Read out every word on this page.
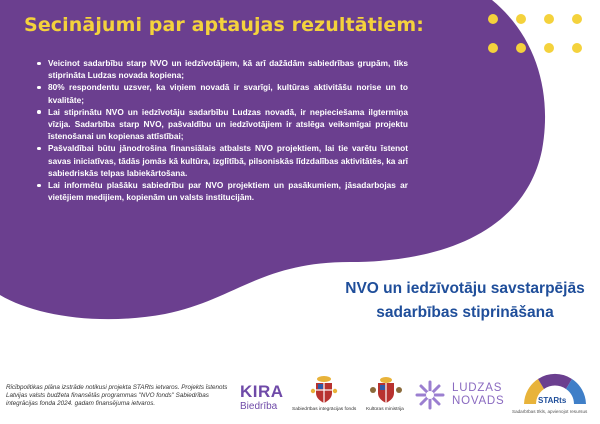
Secinājumi par aptaujas rezultātiem:
Veicinot sadarbību starp NVO un iedzīvotājiem, kā arī dažādām sabiedrības grupām, tiks stiprināta Ludzas novada kopiena;
80% respondentu uzsver, ka viņiem novadā ir svarīgi, kultūras aktivitāšu norise un to kvalitāte;
Lai stiprinātu NVO un iedzīvotāju sadarbību Ludzas novadā, ir nepieciešama ilgtermiņa vīzija. Sadarbība starp NVO, pašvaldību un iedzīvotājiem ir atslēga veiksmīgai projektu īstenošanai un kopienas attīstībai;
Pašvaldībai būtu jānodrošina finansiālais atbalsts NVO projektiem, lai tie varētu īstenot savas iniciatīvas, tādās jomās kā kultūra, izglītībā, pilsoniskās līdzdalības aktivitātēs, ka arī sabiedriskās telpas labiekārtošana.
Lai informētu plašāku sabiedrību par NVO projektiem un pasākumiem, jāsadarbojas ar vietējiem medijiem, kopienām un valsts institucijām.
NVO un iedzīvotāju savstarpējās sadarbības stiprināšana
Rīcībpolitikas plāna izstrāde notikusi projekta STARts ietvaros. Projekts īstenots Latvijas valsts budžeta finansētās programmas "NVO fonds" Sabiedrības integrācijas fonda 2024. gadam finansējuma ietvaros.
KIRA
Biedrība	Sabiedrības integrācijas fonds Kultūras ministrija
LUDZAS
NOVADS	STARts
Sadarbības tīkls, apvienojot resursus
